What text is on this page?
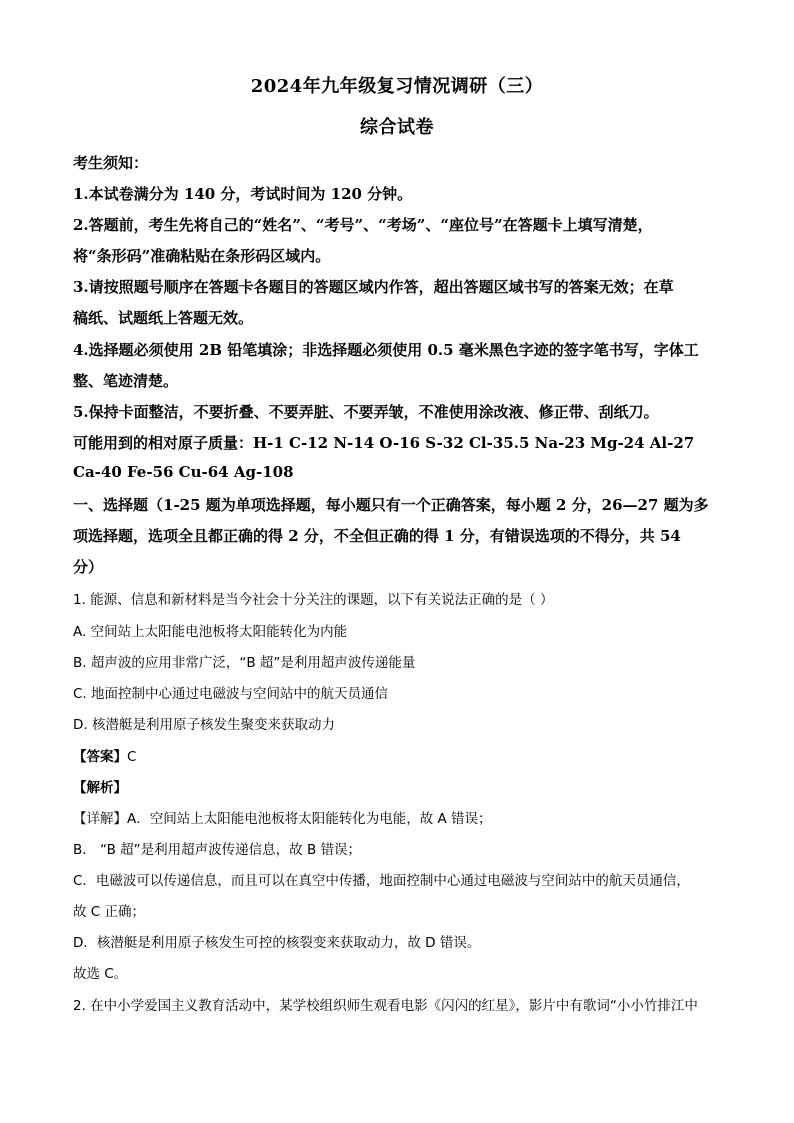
2024年九年级复习情况调研（三）
综合试卷
考生须知：
1.本试卷满分为 140 分，考试时间为 120 分钟。
2.答题前，考生先将自己的“姓名”、“考号”、“考场”、“座位号”在答题卡上填写清楚，
将“条形码”准确粘贴在条形码区域内。
3.请按照题号顺序在答题卡各题目的答题区域内作答，超出答题区域书写的答案无效；在草
稿纸、试题纸上答题无效。
4.选择题必须使用 2B 铅笔填涂；非选择题必须使用 0.5 毫米黑色字迹的签字笔书写，字体工
整、笔迹清楚。
5.保持卡面整洁，不要折叠、不要弄脏、不要弄皱，不准使用涂改液、修正带、刮纸刀。
可能用到的相对原子质量：H-1 C-12 N-14 O-16 S-32 Cl-35.5 Na-23 Mg-24 Al-27
Ca-40 Fe-56 Cu-64 Ag-108
一、选择题（1-25 题为单项选择题，每小题只有一个正确答案，每小题 2 分，26—27 题为多
项选择题，选项全且都正确的得 2 分，不全但正确的得 1 分，有错误选项的不得分，共 54
分）
1. 能源、信息和新材料是当今社会十分关注的课题，以下有关说法正确的是（ ）
A. 空间站上太阳能电池板将太阳能转化为内能
B. 超声波的应用非常广泛，“B 超”是利用超声波传递能量
C. 地面控制中心通过电磁波与空间站中的航天员通信
D. 核潜艇是利用原子核发生聚变来获取动力
【答案】C
【解析】
【详解】A．空间站上太阳能电池板将太阳能转化为电能，故 A 错误；
B． “B 超”是利用超声波传递信息，故 B 错误；
C．电磁波可以传递信息，而且可以在真空中传播，地面控制中心通过电磁波与空间站中的航天员通信，
故 C 正确；
D．核潜艇是利用原子核发生可控的核裂变来获取动力，故 D 错误。
故选 C。
2. 在中小学爱国主义教育活动中，某学校组织师生观看电影《闪闪的红星》，影片中有歌词“小小竹排江中
